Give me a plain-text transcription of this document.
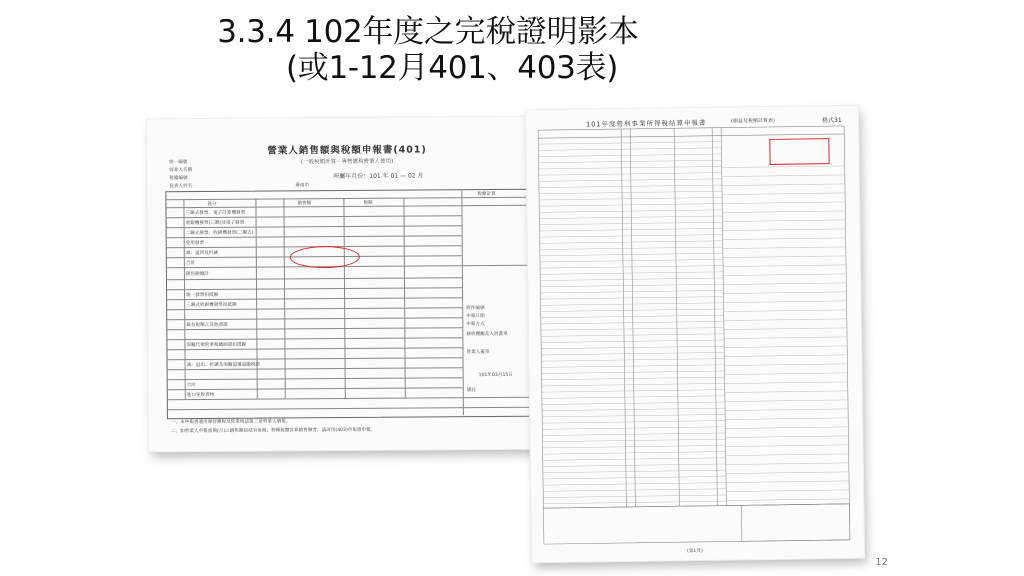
3.3.4 102年度之完稅證明影本
(或1-12月401、403表)
營業人銷售額與稅額申報書(401)
(一般稅額計算－專營應稅營業人使用)
所屬年月份：101 年 01 — 02 月
統一編號
營業人名稱
稅籍編號
負責人姓名	臺南市
區分	銷售額	稅額
稅額計算
三聯式發票、電子計算機發票
收銀機發票(三聯)及電子發票
二聯式發票、收銀機發票(二聯式)
免用發票
減：退回及折讓
合計
銷售額總計
統一發票扣抵聯
三聯式收銀機發票扣抵聯
載有稅額之其他憑證
海關代徵營業稅繳納證扣抵聯
減：退出、折讓及海關退還溢繳稅款
合計
進口免稅貨物
收件編號
申報日期
申報方式
核收機關及人員蓋章
營業人蓋章
備註
101年03月15日
一、本申報書適用專營應稅及營業稅法第二章營業人填報。
二、如營業人申報當期(月)之銷售額包括有免稅、特種稅額計算銷售額者，請改用(403)申報書申報。
101年度營利事業所得稅結算申報書	(損益及稅額計算表)	格式31
(第1頁)
12
